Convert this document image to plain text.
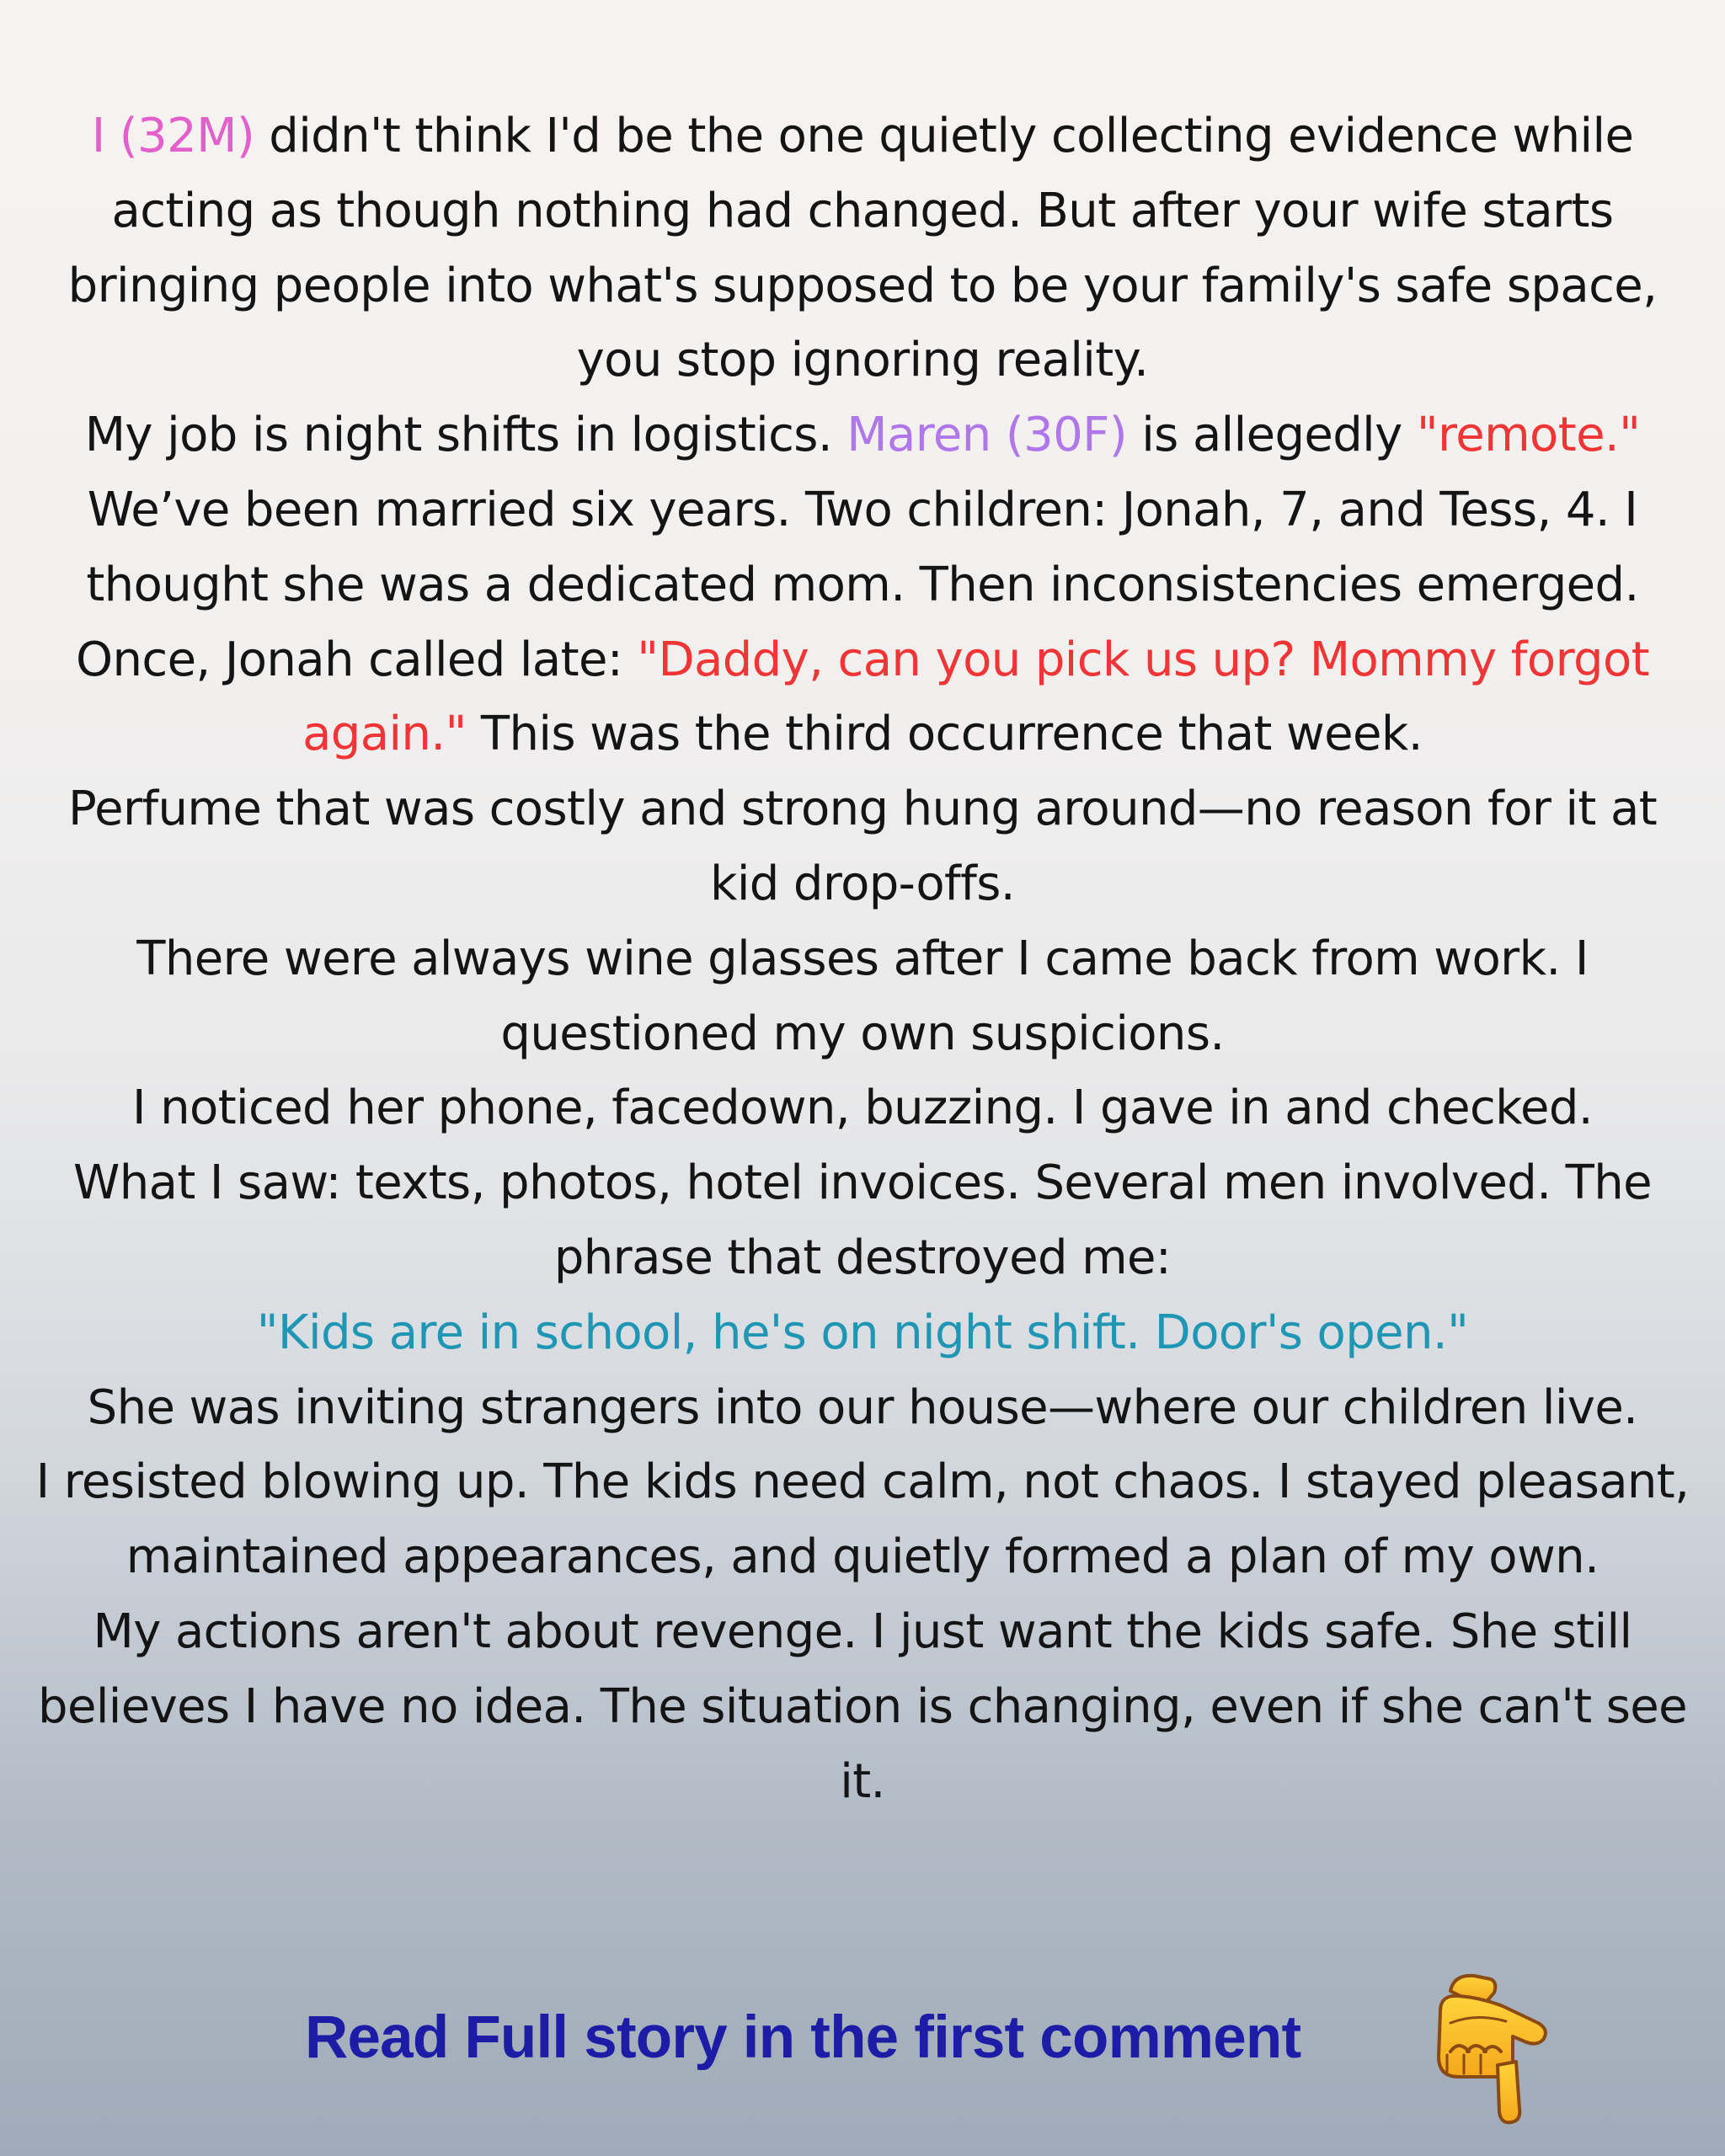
I (32M) didn't think I'd be the one quietly collecting evidence while acting as though nothing had changed. But after your wife starts bringing people into what's supposed to be your family's safe space, you stop ignoring reality.

My job is night shifts in logistics. Maren (30F) is allegedly "remote." We’ve been married six years. Two children: Jonah, 7, and Tess, 4. I thought she was a dedicated mom. Then inconsistencies emerged.

Once, Jonah called late: "Daddy, can you pick us up? Mommy forgot again." This was the third occurrence that week.

Perfume that was costly and strong hung around—no reason for it at kid drop-offs.

There were always wine glasses after I came back from work. I questioned my own suspicions.

I noticed her phone, facedown, buzzing. I gave in and checked.

What I saw: texts, photos, hotel invoices. Several men involved. The phrase that destroyed me:

"Kids are in school, he's on night shift. Door's open."

She was inviting strangers into our house—where our children live.

I resisted blowing up. The kids need calm, not chaos. I stayed pleasant, maintained appearances, and quietly formed a plan of my own.

My actions aren't about revenge. I just want the kids safe. She still believes I have no idea. The situation is changing, even if she can't see it.

Read Full story in the first comment
